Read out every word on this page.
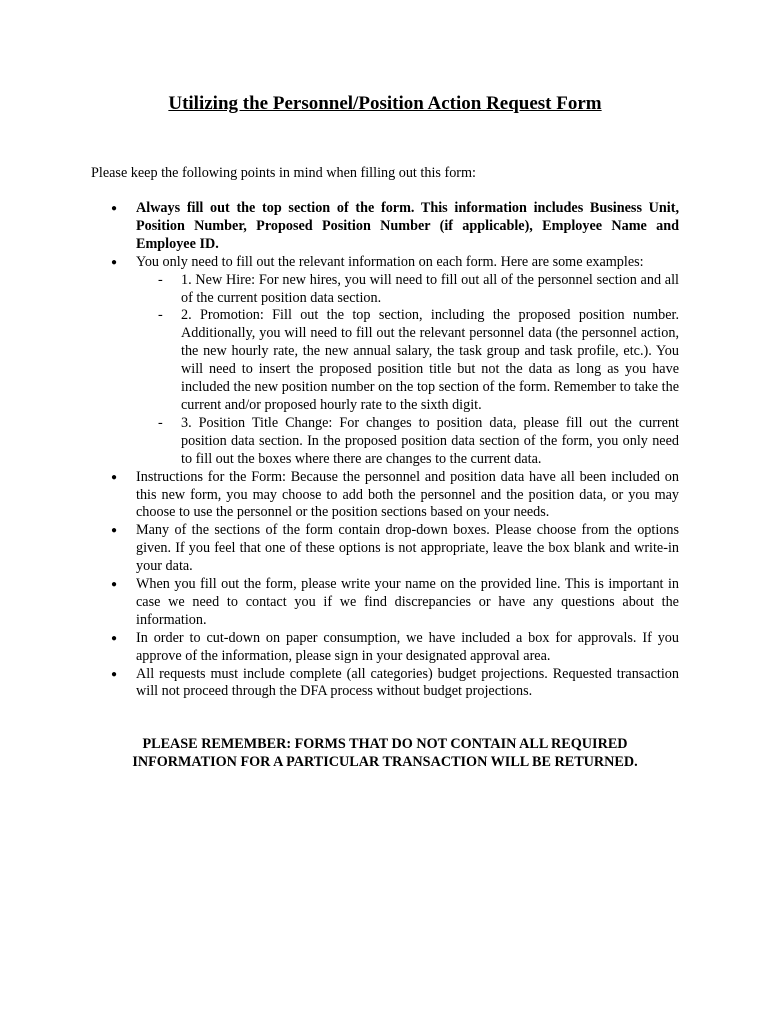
Utilizing the Personnel/Position Action Request Form

Please keep the following points in mind when filling out this form:

● Always fill out the top section of the form. This information includes Business Unit, Position Number, Proposed Position Number (if applicable), Employee Name and Employee ID.
● You only need to fill out the relevant information on each form. Here are some examples:
- 1. New Hire: For new hires, you will need to fill out all of the personnel section and all of the current position data section.
- 2. Promotion: Fill out the top section, including the proposed position number. Additionally, you will need to fill out the relevant personnel data (the personnel action, the new hourly rate, the new annual salary, the task group and task profile, etc.). You will need to insert the proposed position title but not the data as long as you have included the new position number on the top section of the form. Remember to take the current and/or proposed hourly rate to the sixth digit.
- 3. Position Title Change: For changes to position data, please fill out the current position data section. In the proposed position data section of the form, you only need to fill out the boxes where there are changes to the current data.
● Instructions for the Form: Because the personnel and position data have all been included on this new form, you may choose to add both the personnel and the position data, or you may choose to use the personnel or the position sections based on your needs.
● Many of the sections of the form contain drop-down boxes. Please choose from the options given. If you feel that one of these options is not appropriate, leave the box blank and write-in your data.
● When you fill out the form, please write your name on the provided line. This is important in case we need to contact you if we find discrepancies or have any questions about the information.
● In order to cut-down on paper consumption, we have included a box for approvals. If you approve of the information, please sign in your designated approval area.
● All requests must include complete (all categories) budget projections. Requested transaction will not proceed through the DFA process without budget projections.

PLEASE REMEMBER: FORMS THAT DO NOT CONTAIN ALL REQUIRED
INFORMATION FOR A PARTICULAR TRANSACTION WILL BE RETURNED.
